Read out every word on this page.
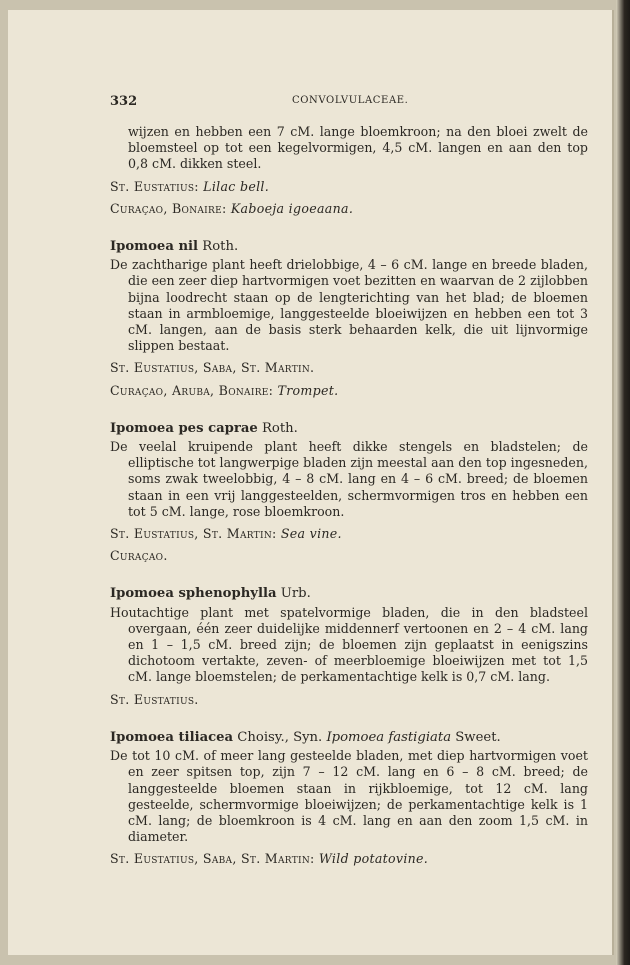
332	CONVOLVULACEAE.

wijzen en hebben een 7 cM. lange bloemkroon; na den bloei zwelt de bloemsteel op tot een kegelvormigen, 4,5 cM. langen en aan den top 0,8 cM. dikken steel.

St. Eustatius: Lilac bell.

Curaçao, Bonaire: Kaboeja igoeaana.

Ipomoea nil Roth.

De zachtharige plant heeft drielobbige, 4 – 6 cM. lange en breede bladen, die een zeer diep hartvormigen voet bezitten en waarvan de 2 zijlobben bijna loodrecht staan op de lengterichting van het blad; de bloemen staan in armbloemige, langgesteelde bloeiwijzen en hebben een tot 3 cM. langen, aan de basis sterk behaarden kelk, die uit lijnvormige slippen bestaat.

St. Eustatius, Saba, St. Martin.

Curaçao, Aruba, Bonaire: Trompet.

Ipomoea pes caprae Roth.

De veelal kruipende plant heeft dikke stengels en bladstelen; de elliptische tot langwerpige bladen zijn meestal aan den top ingesneden, soms zwak tweelobbig, 4 – 8 cM. lang en 4 – 6 cM. breed; de bloemen staan in een vrij langgesteelden, schermvormigen tros en hebben een tot 5 cM. lange, rose bloemkroon.

St. Eustatius, St. Martin: Sea vine.

Curaçao.

Ipomoea sphenophylla Urb.

Houtachtige plant met spatelvormige bladen, die in den bladsteel overgaan, één zeer duidelijke middennerf vertoonen en 2 – 4 cM. lang en 1 – 1,5 cM. breed zijn; de bloemen zijn geplaatst in eenigszins dichotoom vertakte, zeven- of meerbloemige bloeiwijzen met tot 1,5 cM. lange bloemstelen; de perkamentachtige kelk is 0,7 cM. lang.

St. Eustatius.

Ipomoea tiliacea Choisy., Syn. Ipomoea fastigiata Sweet.

De tot 10 cM. of meer lang gesteelde bladen, met diep hartvormigen voet en zeer spitsen top, zijn 7 – 12 cM. lang en 6 – 8 cM. breed; de langgesteelde bloemen staan in rijkbloemige, tot 12 cM. lang gesteelde, schermvormige bloeiwijzen; de perkamentachtige kelk is 1 cM. lang; de bloemkroon is 4 cM. lang en aan den zoom 1,5 cM. in diameter.

St. Eustatius, Saba, St. Martin: Wild potatovine.
